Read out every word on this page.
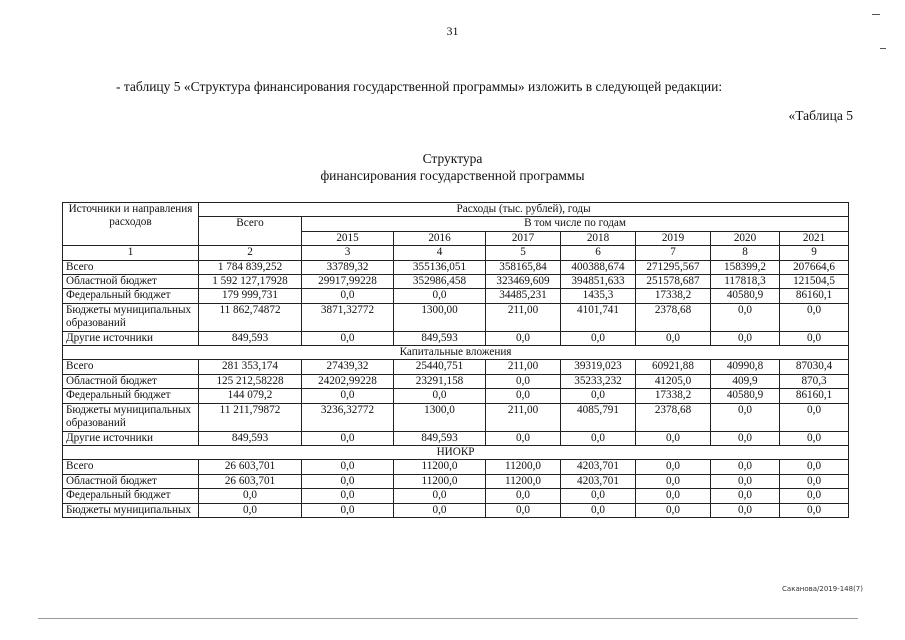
31
- таблицу 5 «Структура финансирования государственной программы» изложить в следующей редакции:
«Таблица 5
Структура
финансирования государственной программы
Источники и направления расходов	Расходы (тыс. рублей), годы							
	Всего	В том числе по годам						
		2015	2016	2017	2018	2019	2020	2021
1	2	3	4	5	6	7	8	9
Всего	1 784 839,252	33789,32	355136,051	358165,84	400388,674	271295,567	158399,2	207664,6
Областной бюджет	1 592 127,17928	29917,99228	352986,458	323469,609	394851,633	251578,687	117818,3	121504,5
Федеральный бюджет	179 999,731	0,0	0,0	34485,231	1435,3	17338,2	40580,9	86160,1
Бюджеты муниципальных образований	11 862,74872	3871,32772	1300,00	211,00	4101,741	2378,68	0,0	0,0
Другие источники	849,593	0,0	849,593	0,0	0,0	0,0	0,0	0,0
Капитальные вложения								
Всего	281 353,174	27439,32	25440,751	211,00	39319,023	60921,88	40990,8	87030,4
Областной бюджет	125 212,58228	24202,99228	23291,158	0,0	35233,232	41205,0	409,9	870,3
Федеральный бюджет	144 079,2	0,0	0,0	0,0	0,0	17338,2	40580,9	86160,1
Бюджеты муниципальных образований	11 211,79872	3236,32772	1300,0	211,00	4085,791	2378,68	0,0	0,0
Другие источники	849,593	0,0	849,593	0,0	0,0	0,0	0,0	0,0
НИОКР								
Всего	26 603,701	0,0	11200,0	11200,0	4203,701	0,0	0,0	0,0
Областной бюджет	26 603,701	0,0	11200,0	11200,0	4203,701	0,0	0,0	0,0
Федеральный бюджет	0,0	0,0	0,0	0,0	0,0	0,0	0,0	0,0
Бюджеты муниципальных	0,0	0,0	0,0	0,0	0,0	0,0	0,0	0,0
Саканова/2019-148(7)
